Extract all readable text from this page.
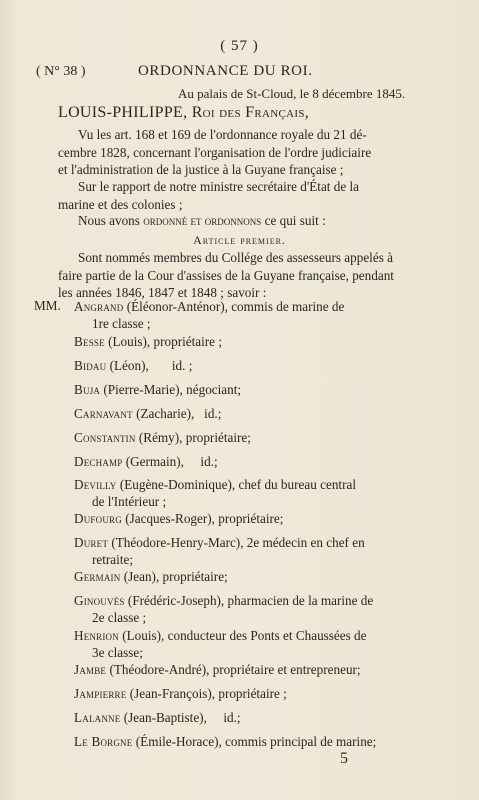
( 57 )
( N° 38 )	ORDONNANCE DU ROI.
Au palais de St-Cloud, le 8 décembre 1845.
LOUIS-PHILIPPE, Roi des Français,
Vu les art. 168 et 169 de l'ordonnance royale du 21 dé-
cembre 1828, concernant l'organisation de l'ordre judiciaire
et l'administration de la justice à la Guyane française ;
Sur le rapport de notre ministre secrétaire d'État de la
marine et des colonies ;
Nous avons ordonné et ordonnons ce qui suit :
Article premier.
Sont nommés membres du Collége des assesseurs appelés à
faire partie de la Cour d'assises de la Guyane française, pendant
les années 1846, 1847 et 1848 ; savoir :
MM. Angrand (Éléonor-Anténor), commis de marine de
1re classe ;
Besse (Louis), propriétaire ;
Bidau (Léon),       id. ;
Buja (Pierre-Marie), négociant;
Carnavant (Zacharie),   id.;
Constantin (Rémy), propriétaire;
Dechamp (Germain),     id.;
Devilly (Eugène-Dominique), chef du bureau central
de l'Intérieur ;
Dufourg (Jacques-Roger), propriétaire;
Duret (Théodore-Henry-Marc), 2e médecin en chef en
retraite;
Germain (Jean), propriétaire;
Ginouvès (Frédéric-Joseph), pharmacien de la marine de
2e classe ;
Henrion (Louis), conducteur des Ponts et Chaussées de
3e classe;
Jambe (Théodore-André), propriétaire et entrepreneur;
Jampierre (Jean-François), propriétaire ;
Lalanne (Jean-Baptiste),     id.;
Le Borgne (Émile-Horace), commis principal de marine;
5
